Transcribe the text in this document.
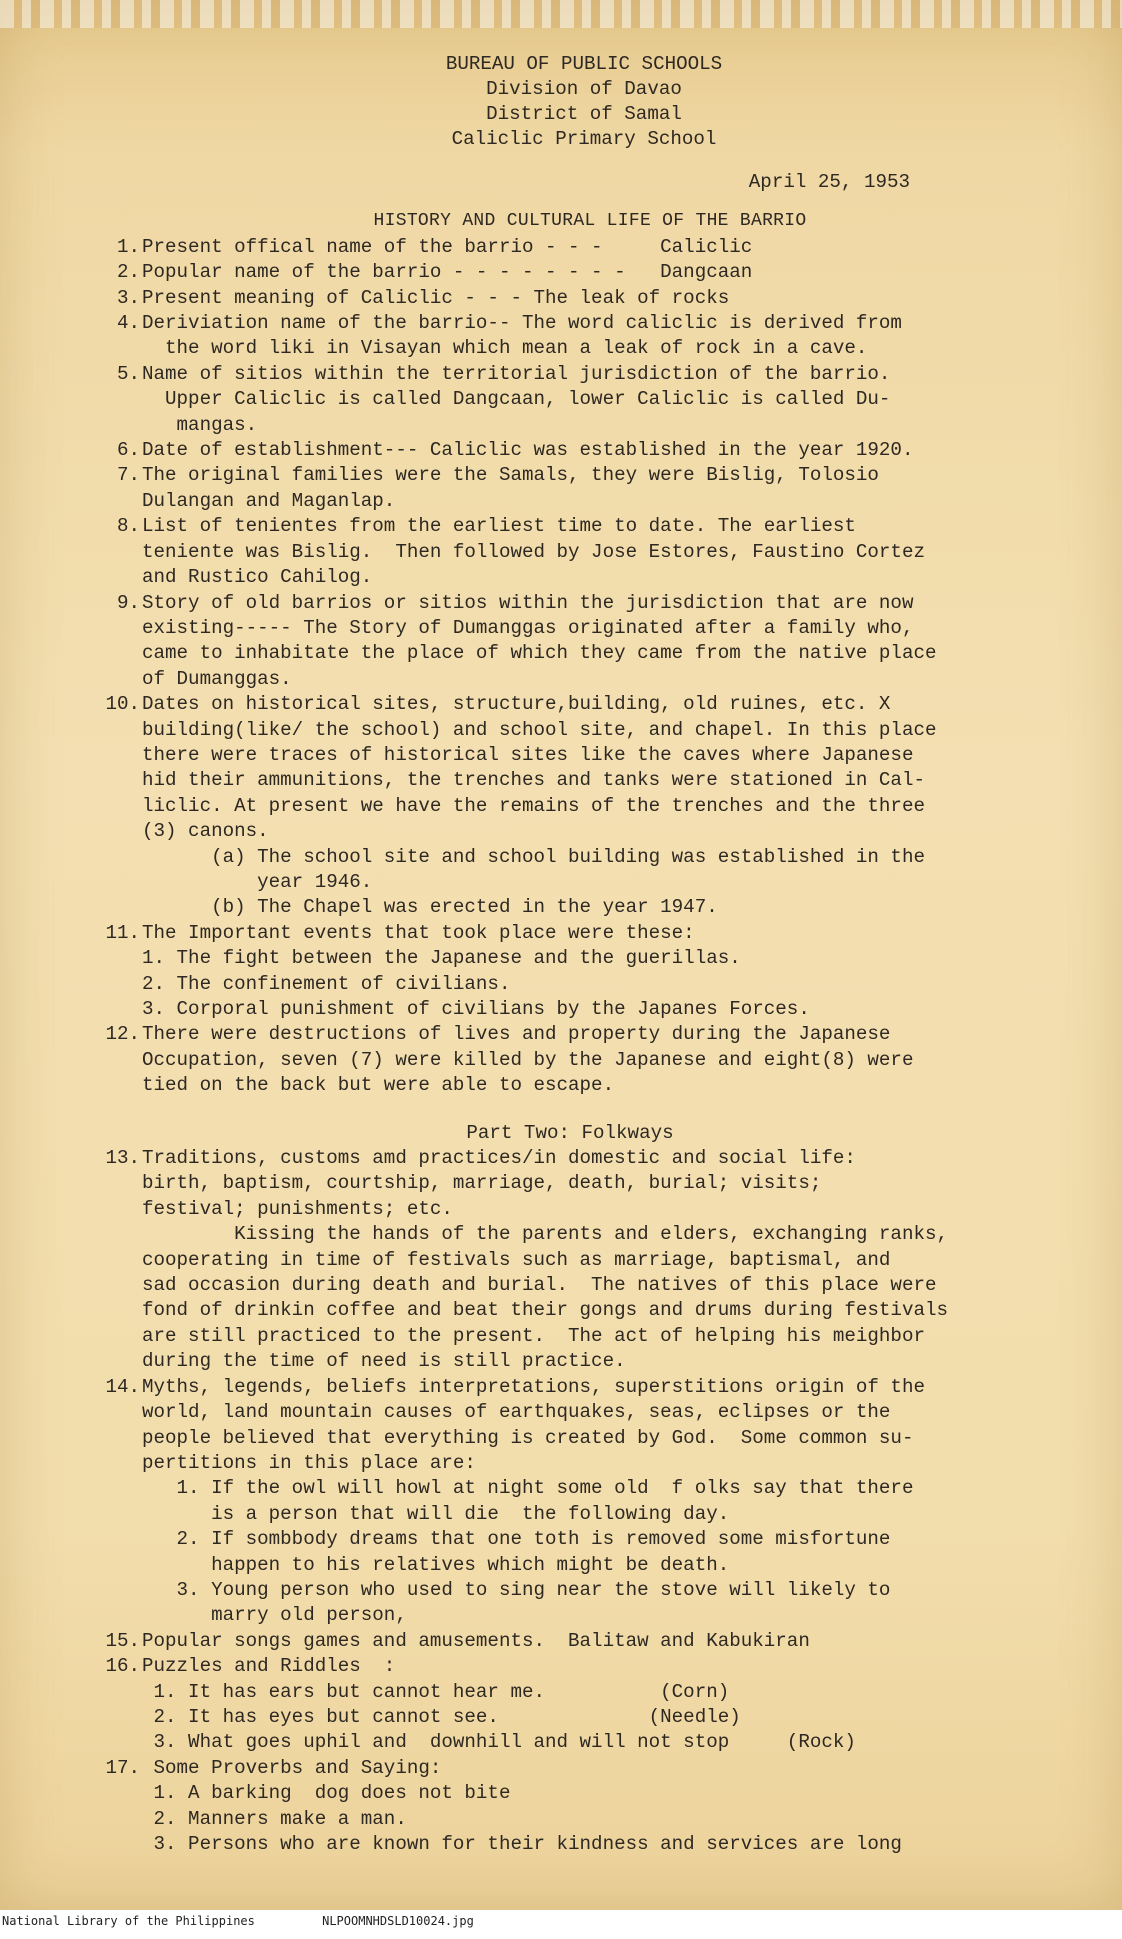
BUREAU OF PUBLIC SCHOOLS
Division of Davao
District of Samal
Caliclic Primary School
April 25, 1953
HISTORY AND CULTURAL LIFE OF THE BARRIO
1. Present offical name of the barrio - - -     Caliclic
2. Popular name of the barrio - - - - - - - -   Dangcaan
3. Present meaning of Caliclic - - - The leak of rocks
4. Deriviation name of the barrio-- The word caliclic is derived from
the word liki in Visayan which mean a leak of rock in a cave.
5. Name of sitios within the territorial jurisdiction of the barrio.
Upper Caliclic is called Dangcaan, lower Caliclic is called Du-
mangas.
6. Date of establishment--- Caliclic was established in the year 1920.
7. The original families were the Samals, they were Bislig, Tolosio
Dulangan and Maganlap.
8. List of tenientes from the earliest time to date. The earliest
teniente was Bislig.  Then followed by Jose Estores, Faustino Cortez
and Rustico Cahilog.
9. Story of old barrios or sitios within the jurisdiction that are now
existing----- The Story of Dumanggas originated after a family who,
came to inhabitate the place of which they came from the native place
of Dumanggas.
10. Dates on historical sites, structure,building, old ruines, etc. X
building(like/ the school) and school site, and chapel. In this place
there were traces of historical sites like the caves where Japanese
hid their ammunitions, the trenches and tanks were stationed in Cal-
liclic. At present we have the remains of the trenches and the three
(3) canons.
(a) The school site and school building was established in the
year 1946.
(b) The Chapel was erected in the year 1947.
11. The Important events that took place were these:
1. The fight between the Japanese and the guerillas.
2. The confinement of civilians.
3. Corporal punishment of civilians by the Japanes Forces.
12. There were destructions of lives and property during the Japanese
Occupation, seven (7) were killed by the Japanese and eight(8) were
tied on the back but were able to escape.
Part Two: Folkways
13. Traditions, customs amd practices/in domestic and social life:
birth, baptism, courtship, marriage, death, burial; visits;
festival; punishments; etc.
Kissing the hands of the parents and elders, exchanging ranks,
cooperating in time of festivals such as marriage, baptismal, and
sad occasion during death and burial.  The natives of this place were
fond of drinkin coffee and beat their gongs and drums during festivals
are still practiced to the present.  The act of helping his meighbor
during the time of need is still practice.
14. Myths, legends, beliefs interpretations, superstitions origin of the
world, land mountain causes of earthquakes, seas, eclipses or the
people believed that everything is created by God.  Some common su-
pertitions in this place are:
1. If the owl will howl at night some old  f olks say that there
is a person that will die  the following day.
2. If sombbody dreams that one toth is removed some misfortune
happen to his relatives which might be death.
3. Young person who used to sing near the stove will likely to
marry old person,
15. Popular songs games and amusements.  Balitaw and Kabukiran
16. Puzzles and Riddles  :
1. It has ears but cannot hear me.          (Corn)
2. It has eyes but cannot see.             (Needle)
3. What goes uphil and  downhill and will not stop     (Rock)
17. Some Proverbs and Saying:
1. A barking  dog does not bite
2. Manners make a man.
3. Persons who are known for their kindness and services are long
National Library of the Philippines	NLPOOMNHDSLD10024.jpg
